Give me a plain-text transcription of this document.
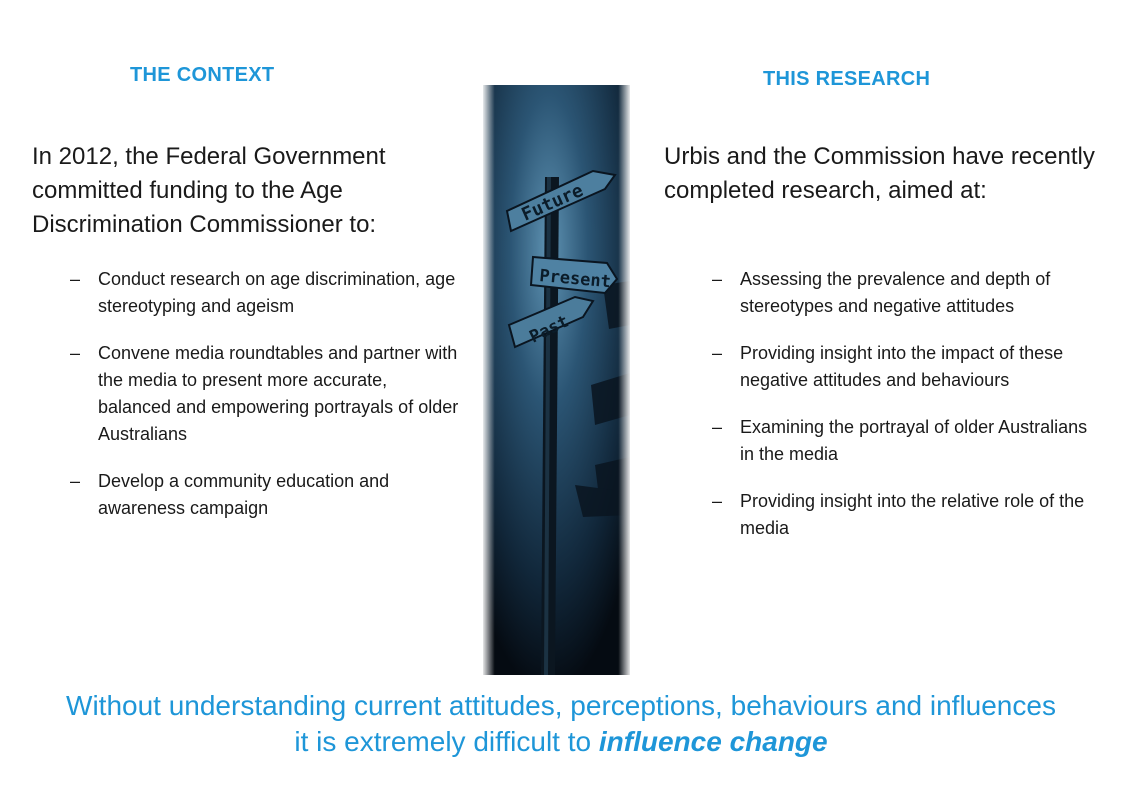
THE CONTEXT	THIS RESEARCH

In 2012, the Federal Government committed funding to the Age Discrimination Commissioner to:

Urbis and the Commission have recently completed research, aimed at:

– Conduct research on age discrimination, age stereotyping and ageism
– Convene media roundtables and partner with the media to present more accurate, balanced and empowering portrayals of older Australians
– Develop a community education and awareness campaign
– Assessing the prevalence and depth of stereotypes and negative attitudes
– Providing insight into the impact of these negative attitudes and behaviours
– Examining the portrayal of older Australians in the media
– Providing insight into the relative role of the media

Without understanding current attitudes, perceptions, behaviours and influences it is extremely difficult to influence change
